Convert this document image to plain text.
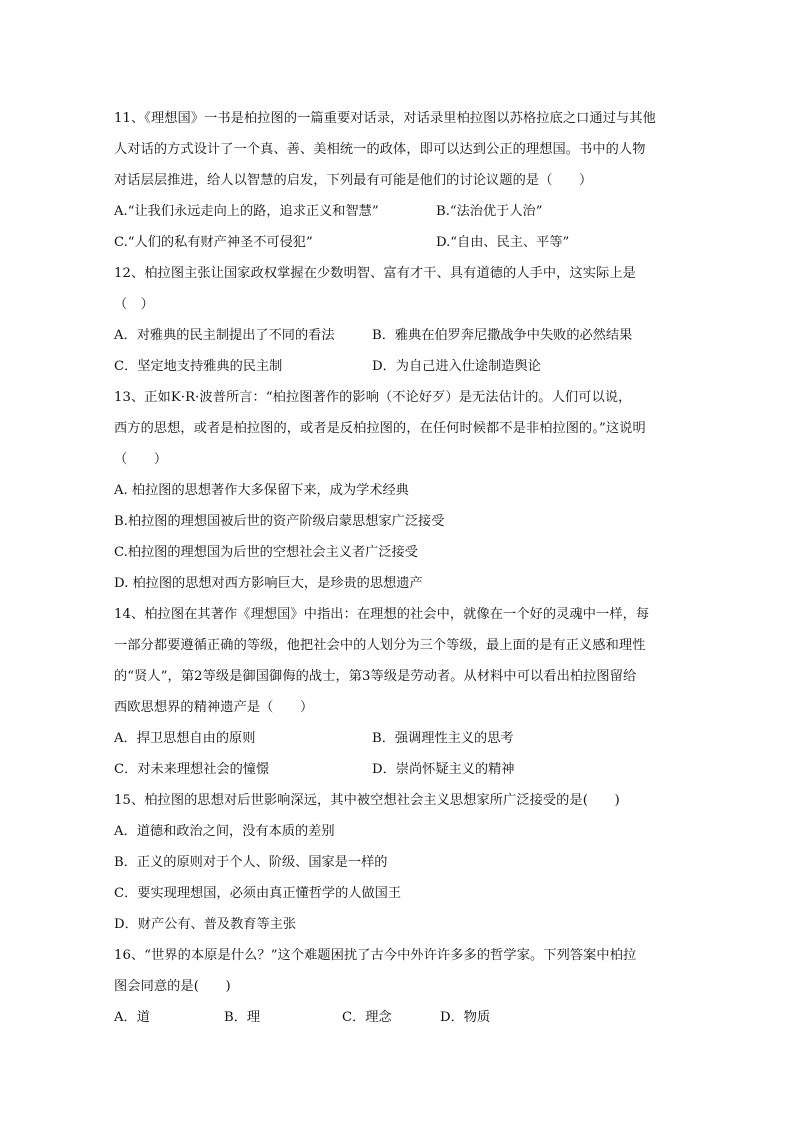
11、《理想国》一书是柏拉图的一篇重要对话录，对话录里柏拉图以苏格拉底之口通过与其他
人对话的方式设计了一个真、善、美相统一的政体，即可以达到公正的理想国。书中的人物
对话层层推进，给人以智慧的启发，下列最有可能是他们的讨论议题的是（　　）
A.“让我们永远走向上的路，追求正义和智慧”	B.“法治优于人治”
C.“人们的私有财产神圣不可侵犯”	D.“自由、民主、平等”
12、柏拉图主张让国家政权掌握在少数明智、富有才干、具有道德的人手中，这实际上是
（　）
A．对雅典的民主制提出了不同的看法	B．雅典在伯罗奔尼撒战争中失败的必然结果
C．坚定地支持雅典的民主制	D．为自己进入仕途制造舆论
13、正如K·R·波普所言：“柏拉图著作的影响（不论好歹）是无法估计的。人们可以说，
西方的思想，或者是柏拉图的，或者是反柏拉图的，在任何时候都不是非柏拉图的。”这说明
（　　）
A. 柏拉图的思想著作大多保留下来，成为学术经典
B.柏拉图的理想国被后世的资产阶级启蒙思想家广泛接受
C.柏拉图的理想国为后世的空想社会主义者广泛接受
D. 柏拉图的思想对西方影响巨大，是珍贵的思想遗产
14、柏拉图在其著作《理想国》中指出：在理想的社会中，就像在一个好的灵魂中一样，每
一部分都要遵循正确的等级，他把社会中的人划分为三个等级，最上面的是有正义感和理性
的“贤人”，第2等级是御国御侮的战士，第3等级是劳动者。从材料中可以看出柏拉图留给
西欧思想界的精神遗产是（　　）
A．捍卫思想自由的原则	B．强调理性主义的思考
C．对未来理想社会的憧憬	D．崇尚怀疑主义的精神
15、柏拉图的思想对后世影响深远，其中被空想社会主义思想家所广泛接受的是(　　)
A．道德和政治之间，没有本质的差别
B．正义的原则对于个人、阶级、国家是一样的
C．要实现理想国，必须由真正懂哲学的人做国王
D．财产公有、普及教育等主张
16、“世界的本原是什么？”这个难题困扰了古今中外许许多多的哲学家。下列答案中柏拉
图会同意的是(　　)
A．道	B．理	C．理念	D．物质
